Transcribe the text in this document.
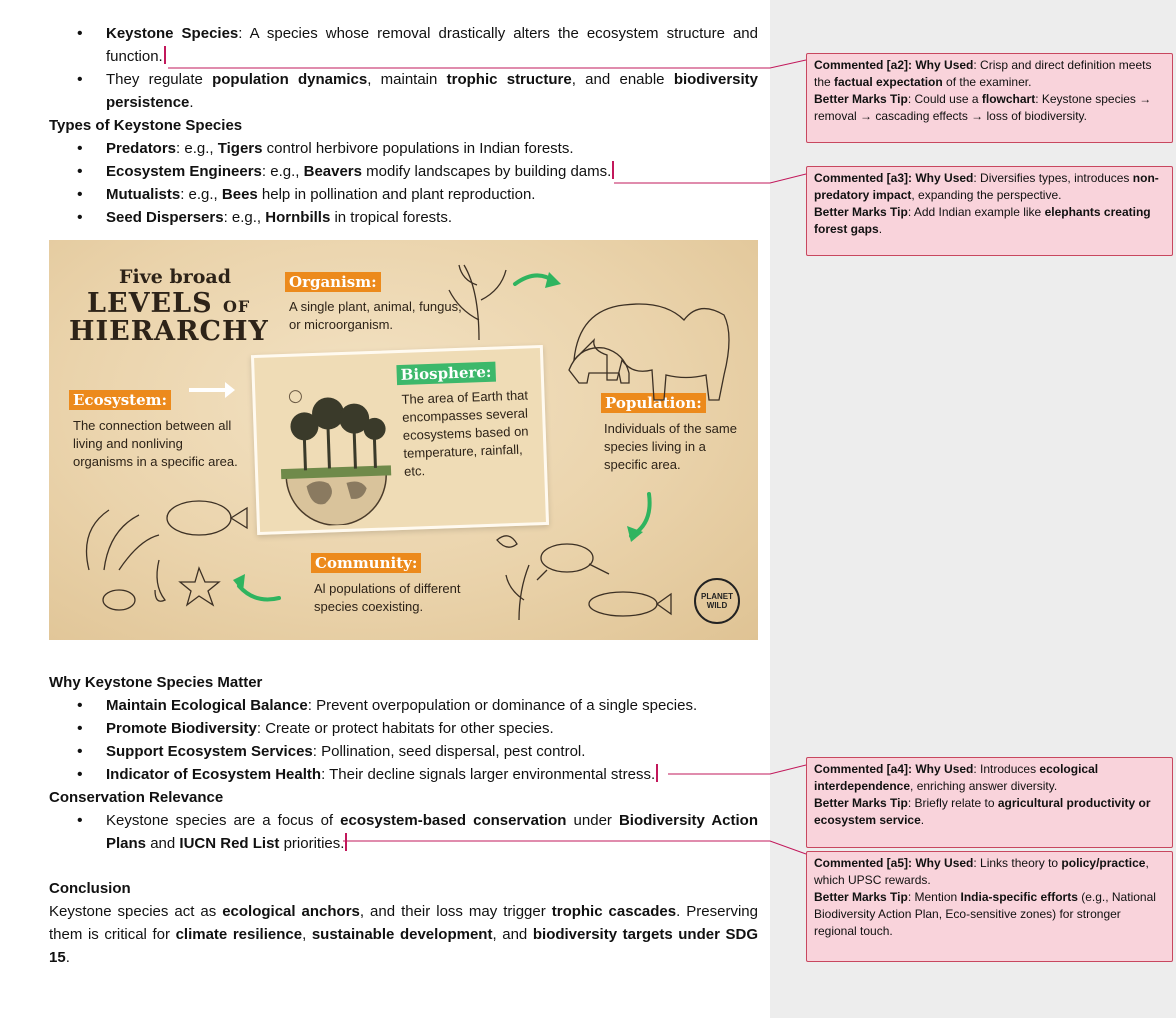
• Keystone Species: A species whose removal drastically alters the ecosystem structure and function.
• They regulate population dynamics, maintain trophic structure, and enable biodiversity persistence.
Types of Keystone Species
• Predators: e.g., Tigers control herbivore populations in Indian forests.
• Ecosystem Engineers: e.g., Beavers modify landscapes by building dams.
• Mutualists: e.g., Bees help in pollination and plant reproduction.
• Seed Dispersers: e.g., Hornbills in tropical forests.
Why Keystone Species Matter
• Maintain Ecological Balance: Prevent overpopulation or dominance of a single species.
• Promote Biodiversity: Create or protect habitats for other species.
• Support Ecosystem Services: Pollination, seed dispersal, pest control.
• Indicator of Ecosystem Health: Their decline signals larger environmental stress.
Conservation Relevance
• Keystone species are a focus of ecosystem-based conservation under Biodiversity Action Plans and IUCN Red List priorities.
Conclusion
Keystone species act as ecological anchors, and their loss may trigger trophic cascades. Preserving them is critical for climate resilience, sustainable development, and biodiversity targets under SDG 15.
Five broad
LEVELS OF
HIERARCHY
Organism:
A single plant, animal, fungus, or microorganism.
Biosphere:
The area of Earth that encompasses several ecosystems based on temperature, rainfall, etc.
Ecosystem:
The connection between all living and nonliving organisms in a specific area.
Population:
Individuals of the same species living in a specific area.
Community:
Al populations of different species coexisting.
PLANET
WILD
Commented [a2]: Why Used: Crisp and direct definition meets the factual expectation of the examiner.
Better Marks Tip: Could use a flowchart: Keystone species → removal → cascading effects → loss of biodiversity.
Commented [a3]: Why Used: Diversifies types, introduces non-predatory impact, expanding the perspective.
Better Marks Tip: Add Indian example like elephants creating forest gaps.
Commented [a4]: Why Used: Introduces ecological interdependence, enriching answer diversity.
Better Marks Tip: Briefly relate to agricultural productivity or ecosystem service.
Commented [a5]: Why Used: Links theory to policy/practice, which UPSC rewards.
Better Marks Tip: Mention India-specific efforts (e.g., National Biodiversity Action Plan, Eco-sensitive zones) for stronger regional touch.
